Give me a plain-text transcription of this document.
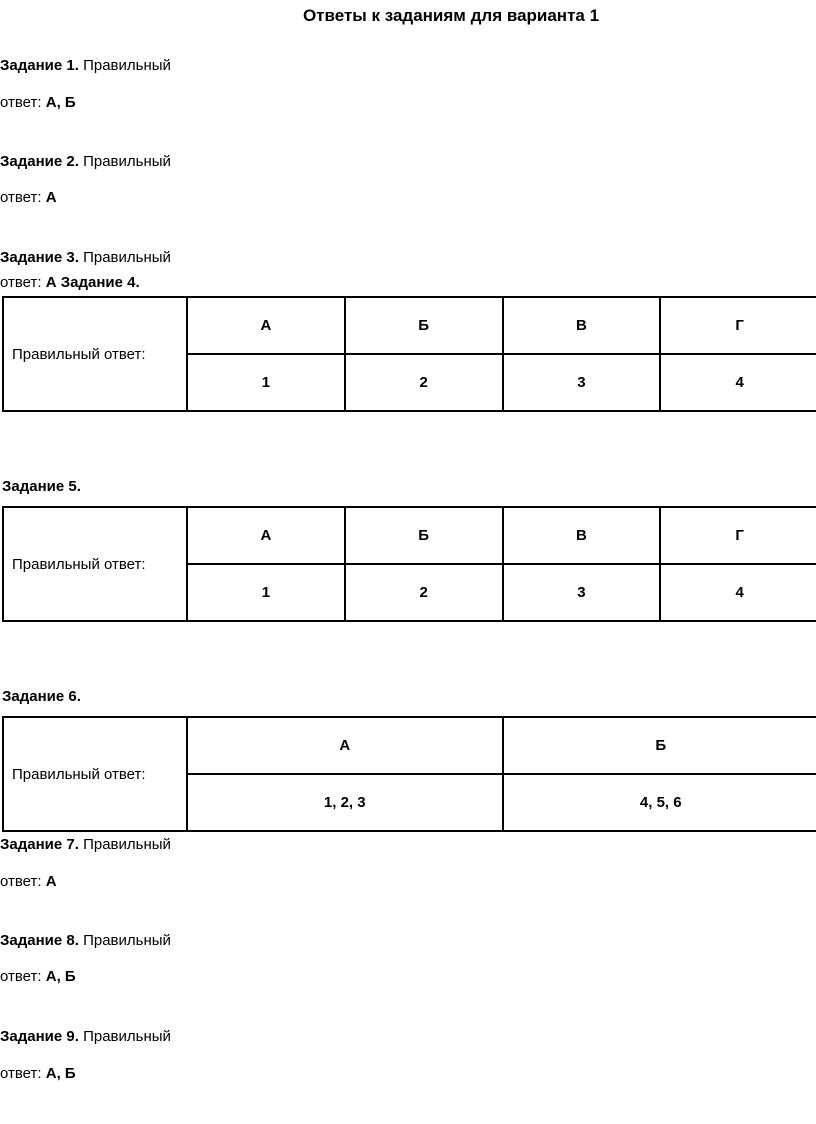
Ответы к заданиям для варианта 1
Задание 1. Правильный
ответ: А, Б
Задание 2. Правильный
ответ: А
Задание 3. Правильный
ответ: А Задание 4.
Правильный ответ:	А	Б	В	Г
	1	2	3	4
Задание 5.
Правильный ответ:	А	Б	В	Г
	1	2	3	4
Задание 6.
Правильный ответ:	А	Б
	1, 2, 3	4, 5, 6
Задание 7. Правильный
ответ: А
Задание 8. Правильный
ответ: А, Б
Задание 9. Правильный
ответ: А, Б
